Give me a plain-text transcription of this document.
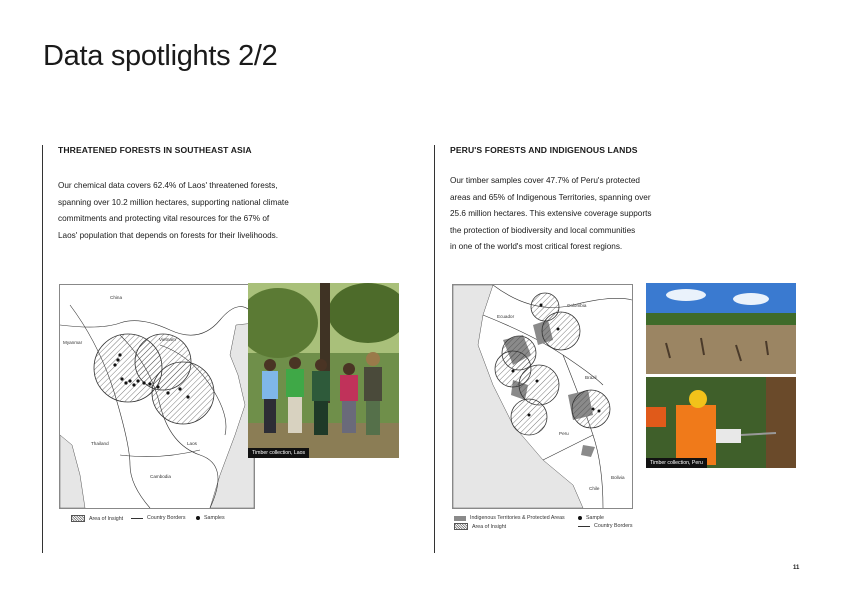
Data spotlights 2/2
THREATENED FORESTS IN SOUTHEAST ASIA
Our chemical data covers 62.4% of Laos' threatened forests,
spanning over 10.2 million hectares, supporting national climate
commitments and protecting vital resources for the 67% of
Laos' population that depends on forests for their livelihoods.
China
Vietnam
Myanmar
Thailand	Laos
Cambodia
Timber collection, Laos
Area of Insight	Country Borders	Samples
PERU'S FORESTS AND INDIGENOUS LANDS
Our timber samples cover 47.7% of Peru's protected
areas and 65% of Indigenous Territories, spanning over
25.6 million hectares. This extensive coverage supports
the protection of biodiversity and local communities
in one of the world's most critical forest regions.
Colombia
Ecuador
Brazil
Peru
Bolivia
Chile
Timber collection, Peru
Indigenous Territories & Protected Areas
Area of Insight
Sample
Country Borders
11
